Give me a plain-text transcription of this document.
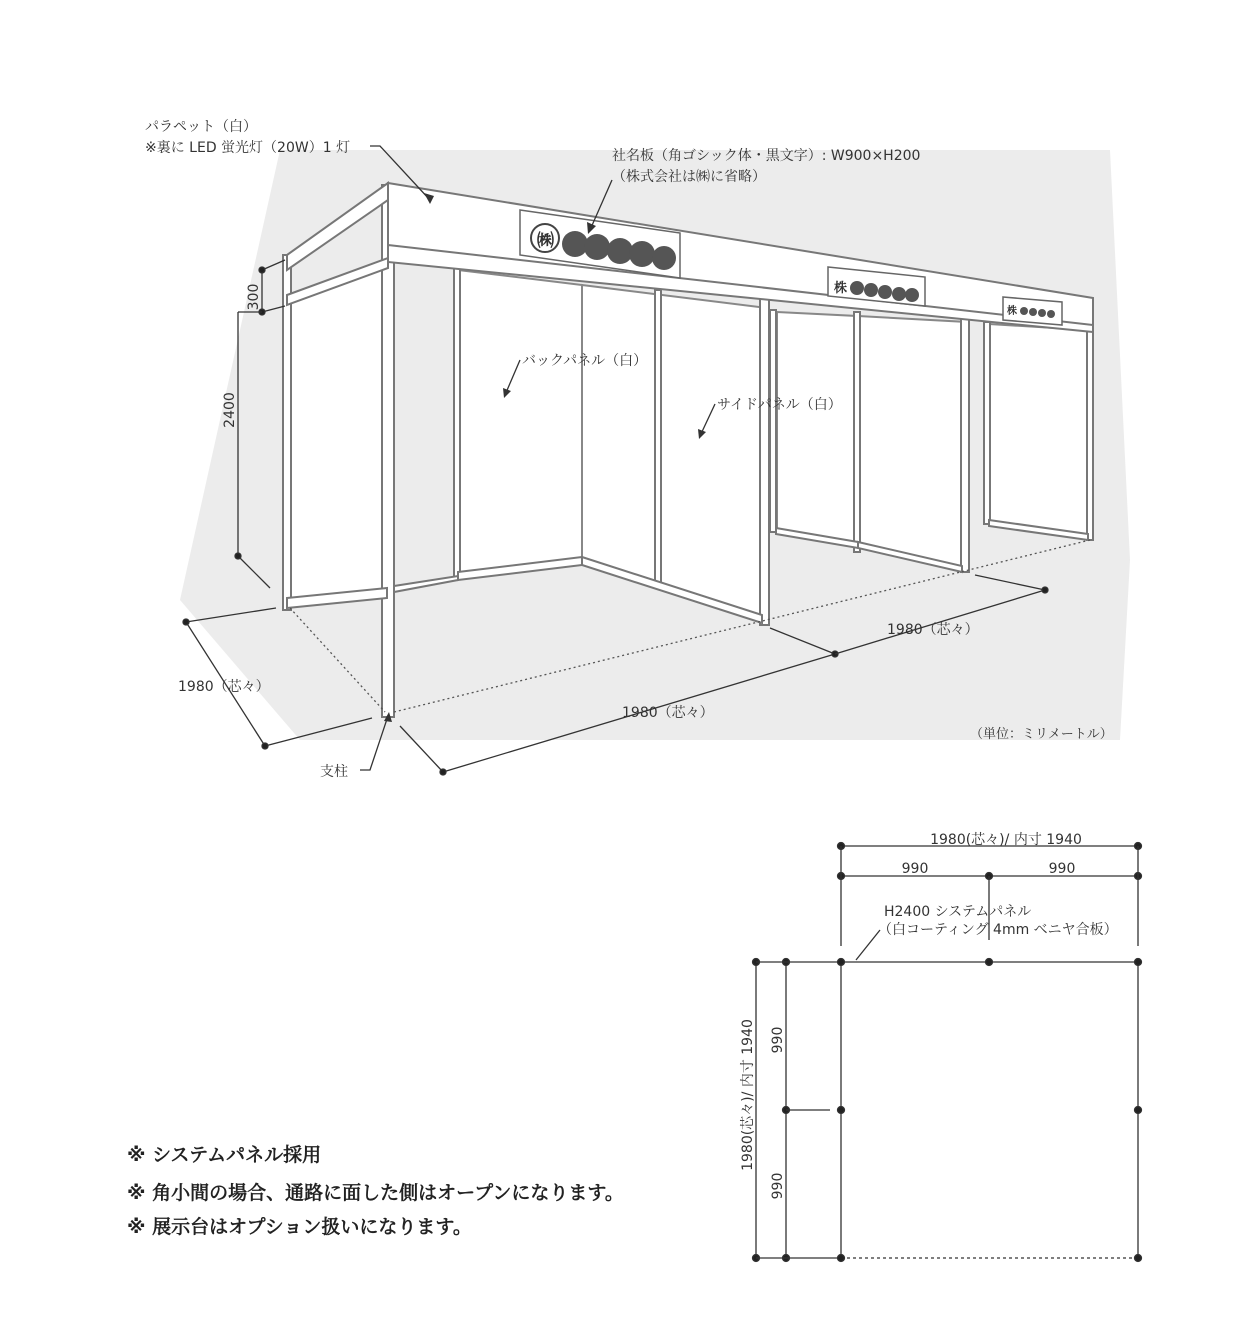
㈱
株
株
パラペット（白）
※裏に LED 蛍光灯（20W）1 灯	社名板（角ゴシック体・黒文字）: W900×H200
（株式会社は㈱に省略）
バックパネル（白）
サイドパネル（白）
300
2400
1980（芯々）
1980（芯々）
1980（芯々）
支柱
（単位：ミリメートル）
1980(芯々)/ 内寸 1940
990	990
H2400 システムパネル
（白コーティング 4mm ベニヤ合板）
1980(芯々)/ 内寸 1940 990
990
※ システムパネル採用
※ 角小間の場合、通路に面した側はオープンになります。
※ 展示台はオプション扱いになります。
